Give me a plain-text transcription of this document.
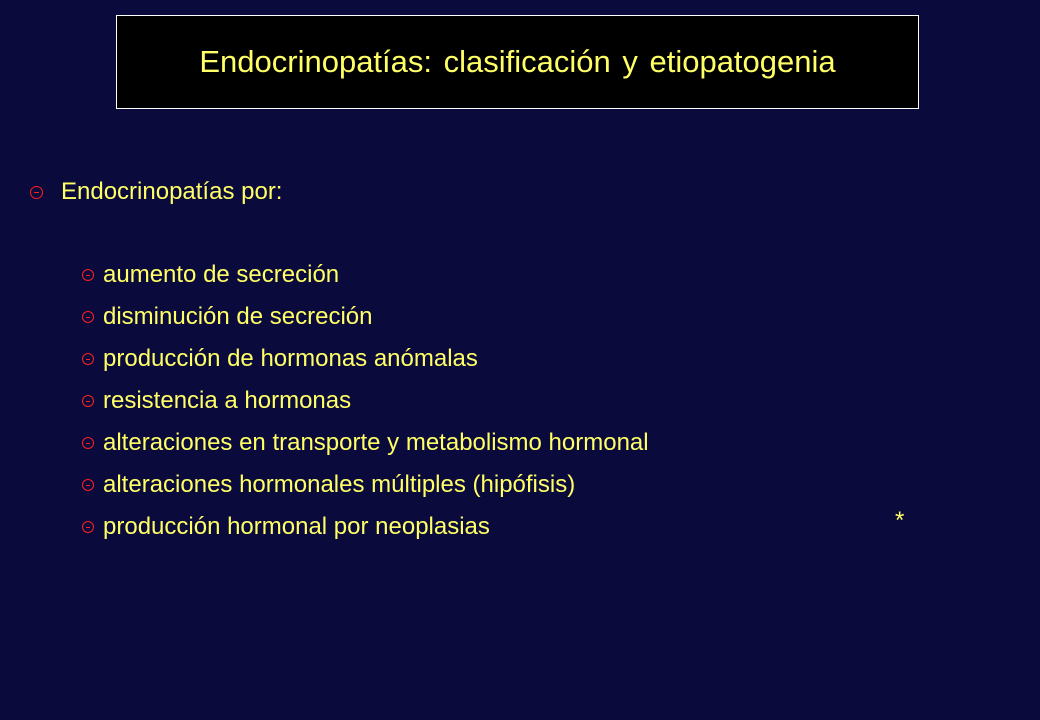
Endocrinopatías: clasificación y etiopatogenia
Endocrinopatías por:
aumento de secreción
disminución de secreción
producción de hormonas anómalas
resistencia a hormonas
alteraciones en transporte y metabolismo hormonal
alteraciones hormonales múltiples (hipófisis)
producción hormonal por neoplasias	*
